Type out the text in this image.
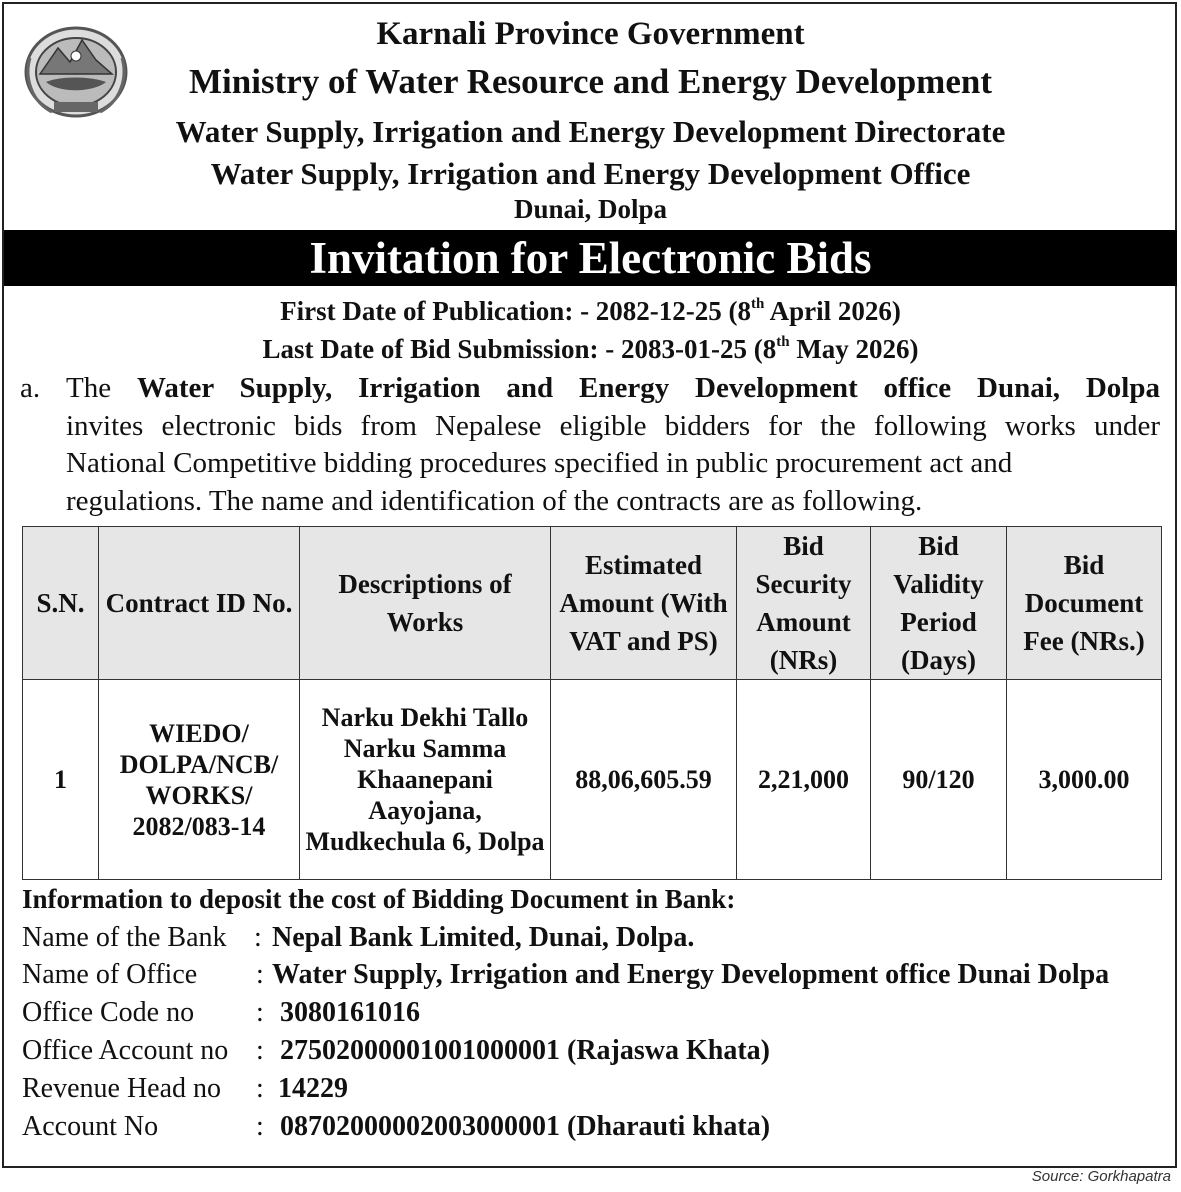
Karnali Province Government
Ministry of Water Resource and Energy Development
Water Supply, Irrigation and Energy Development Directorate
Water Supply, Irrigation and Energy Development Office
Dunai, Dolpa
Invitation for Electronic Bids
First Date of Publication: - 2082-12-25 (8th April 2026)
Last Date of Bid Submission: - 2083-01-25 (8th May 2026)
a. The Water Supply, Irrigation and Energy Development office Dunai, Dolpa
invites electronic bids from Nepalese eligible bidders for the following works under
National Competitive bidding procedures specified in public procurement act and
regulations. The name and identification of the contracts are as following.
S.N.	Contract ID No.	Descriptions of Works	Estimated Amount (With VAT and PS)	Bid Security Amount (NRs)	Bid Validity Period (Days)	Bid Document Fee (NRs.)
1	WIEDO/ DOLPA/NCB/ WORKS/ 2082/083-14	Narku Dekhi Tallo Narku Samma Khaanepani Aayojana, Mudkechula 6, Dolpa	88,06,605.59	2,21,000	90/120	3,000.00
Information to deposit the cost of Bidding Document in Bank:
Name of the Bank : Nepal Bank Limited, Dunai, Dolpa.
Name of Office : Water Supply, Irrigation and Energy Development office Dunai Dolpa
Office Code no : 3080161016
Office Account no : 27502000001001000001 (Rajaswa Khata)
Revenue Head no : 14229
Account No	: 08702000002003000001 (Dharauti khata)
Source: Gorkhapatra
